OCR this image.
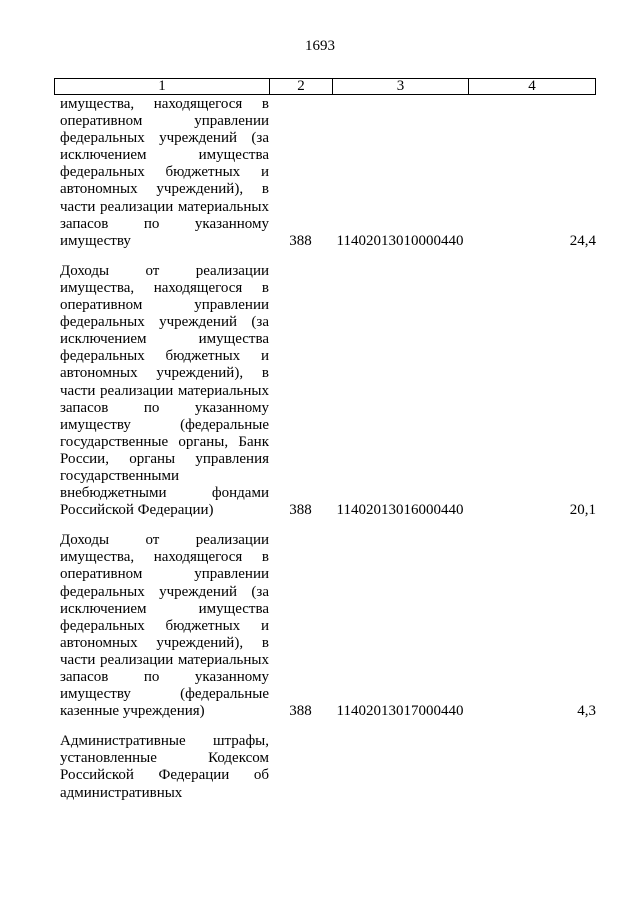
1693
1	2	3	4
имущества, находящегося в оперативном управлении федеральных учреждений (за исключением имущества федеральных бюджетных и автономных учреждений), в части реализации материальных запасов по указанному имуществу	388	11402013010000440	24,4
Доходы от реализации имущества, находящегося в оперативном управлении федеральных учреждений (за исключением имущества федеральных бюджетных и автономных учреждений), в части реализации материальных запасов по указанному имуществу (федеральные государственные органы, Банк России, органы управления государственными внебюджетными фондами Российской Федерации)	388	11402013016000440	20,1
Доходы от реализации имущества, находящегося в оперативном управлении федеральных учреждений (за исключением имущества федеральных бюджетных и автономных учреждений), в части реализации материальных запасов по указанному имуществу (федеральные казенные учреждения)	388	11402013017000440	4,3
Административные штрафы, установленные Кодексом Российской Федерации об административных
